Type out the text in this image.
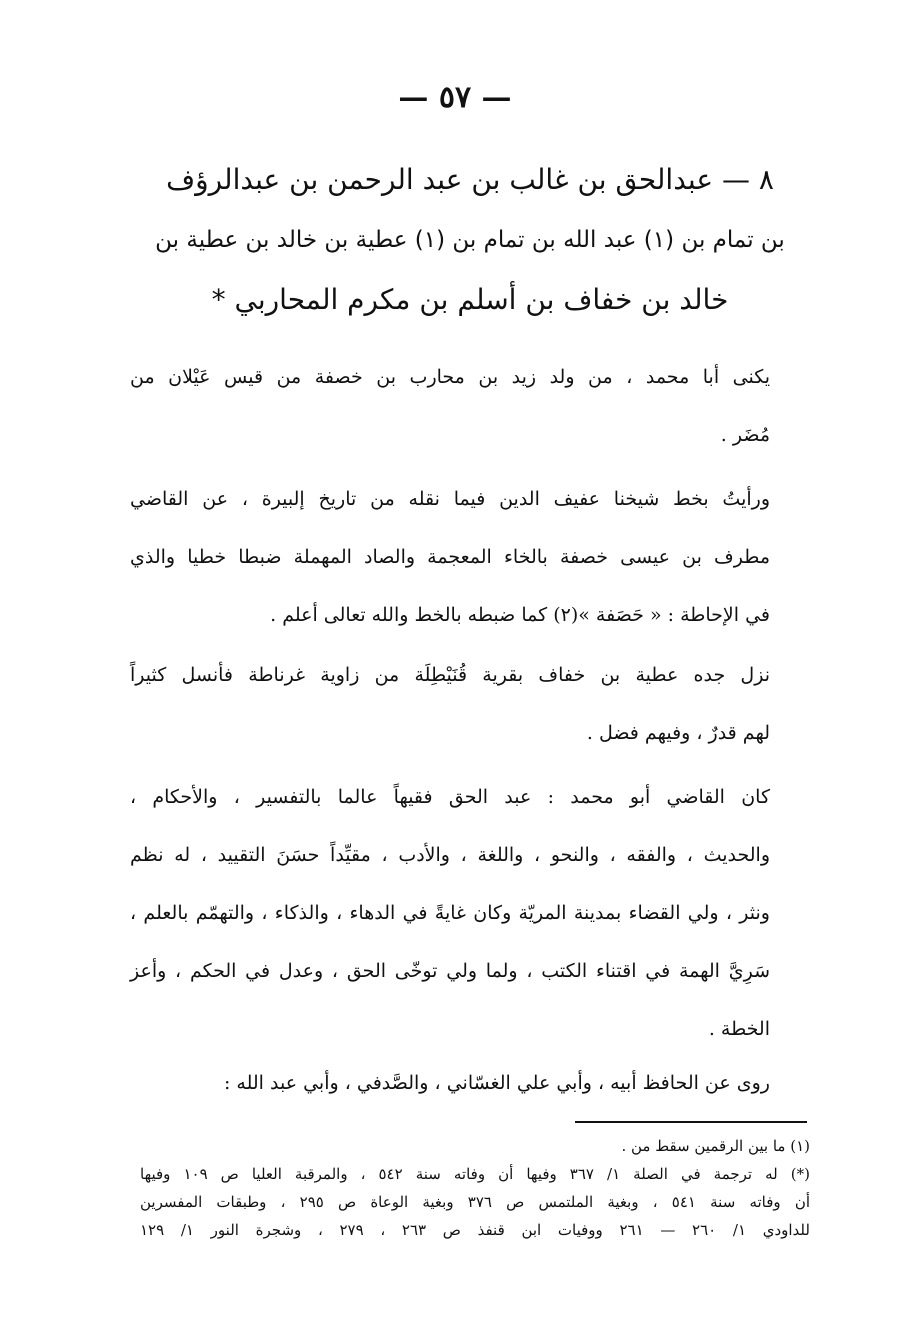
— ٥٧ —
٨ — عبدالحق بن غالب بن عبد الرحمن بن عبدالرؤف
بن تمام بن (١) عبد الله بن تمام بن (١) عطية بن خالد بن عطية بن
خالد بن خفاف بن أسلم بن مكرم المحاربي *
يكنى أبا محمد ، من ولد زيد بن محارب بن خصفة من قيس عَيْلان من
مُضَر .
ورأيتُ بخط شيخنا عفيف الدين فيما نقله من تاريخ إلبيرة ، عن القاضي
مطرف بن عيسى خصفة بالخاء المعجمة والصاد المهملة ضبطا خطيا والذي
في الإحاطة : « حَصَفة »(٢) كما ضبطه بالخط والله تعالى أعلم .
نزل جده عطية بن خفاف بقرية قُنَيْطِلَة من زاوية غرناطة فأنسل كثيراً
لهم قدرٌ ، وفيهم فضل .
كان القاضي أبو محمد : عبد الحق فقيهاً عالما بالتفسير ، والأحكام ،
والحديث ، والفقه ، والنحو ، واللغة ، والأدب ، مقيِّداً حسَنَ التقييد ، له نظم
ونثر ، ولي القضاء بمدينة المريّة وكان غايةً في الدهاء ، والذكاء ، والتهمّم بالعلم ،
سَرِيَّ الهمة في اقتناء الكتب ، ولما ولي توخّى الحق ، وعدل في الحكم ، وأعز
الخطة .
روى عن الحافظ أبيه ، وأبي علي الغسّاني ، والصَّدفي ، وأبي عبد الله :
(١) ما بين الرقمين سقط من .
(*) له ترجمة في الصلة ١/ ٣٦٧ وفيها أن وفاته سنة ٥٤٢ ، والمرقبة العليا ص ١٠٩ وفيها
أن وفاته سنة ٥٤١ ، وبغية الملتمس ص ٣٧٦ وبغية الوعاة ص ٢٩٥ ، وطبقات المفسرين
للداودي ١/ ٢٦٠ — ٢٦١ ووفيات ابن قنفذ ص ٢٦٣ ، ٢٧٩ ، وشجرة النور ١/ ١٢٩
